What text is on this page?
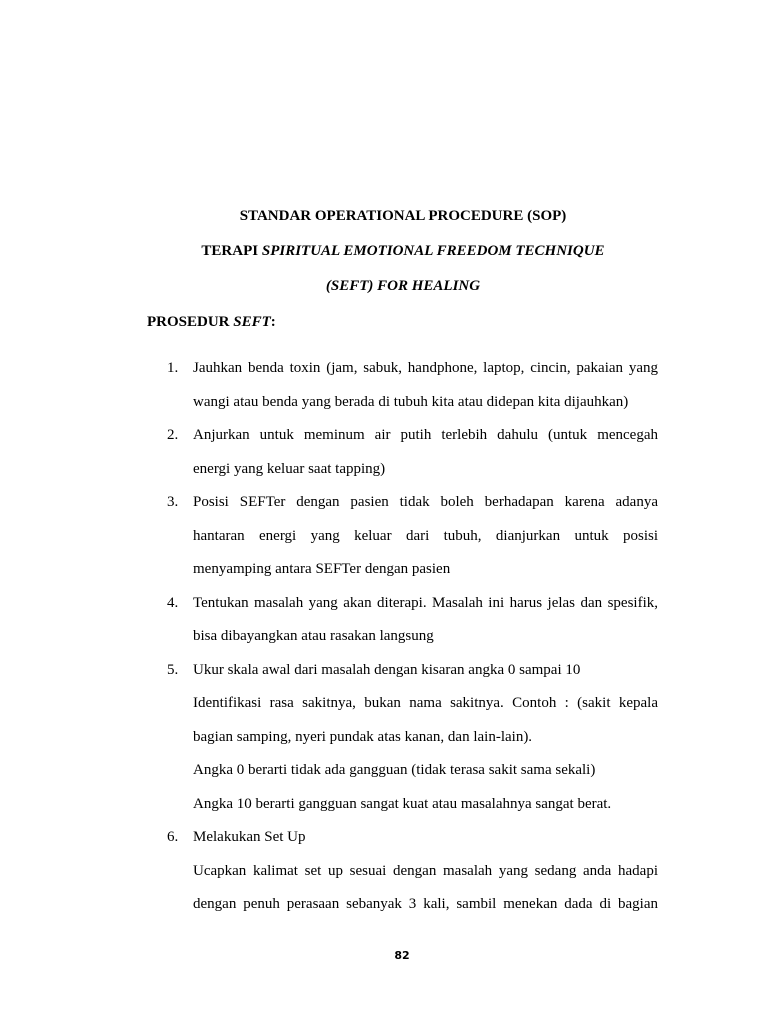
STANDAR OPERATIONAL PROCEDURE (SOP)
TERAPI SPIRITUAL EMOTIONAL FREEDOM TECHNIQUE
(SEFT) FOR HEALING
PROSEDUR SEFT:
1. Jauhkan benda toxin (jam, sabuk, handphone, laptop, cincin, pakaian yang
wangi atau benda yang berada di tubuh kita atau didepan kita dijauhkan)
2. Anjurkan untuk meminum air putih terlebih dahulu (untuk mencegah
energi yang keluar saat tapping)
3. Posisi SEFTer dengan pasien tidak boleh berhadapan karena adanya
hantaran energi yang keluar dari tubuh, dianjurkan untuk posisi
menyamping antara SEFTer dengan pasien
4. Tentukan masalah yang akan diterapi. Masalah ini harus jelas dan spesifik,
bisa dibayangkan atau rasakan langsung
5. Ukur skala awal dari masalah dengan kisaran angka 0 sampai 10
Identifikasi rasa sakitnya, bukan nama sakitnya. Contoh : (sakit kepala
bagian samping, nyeri pundak atas kanan, dan lain-lain).
Angka 0 berarti tidak ada gangguan (tidak terasa sakit sama sekali)
Angka 10 berarti gangguan sangat kuat atau masalahnya sangat berat.
6. Melakukan Set Up
Ucapkan kalimat set up sesuai dengan masalah yang sedang anda hadapi
dengan penuh perasaan sebanyak 3 kali, sambil menekan dada di bagian
82
